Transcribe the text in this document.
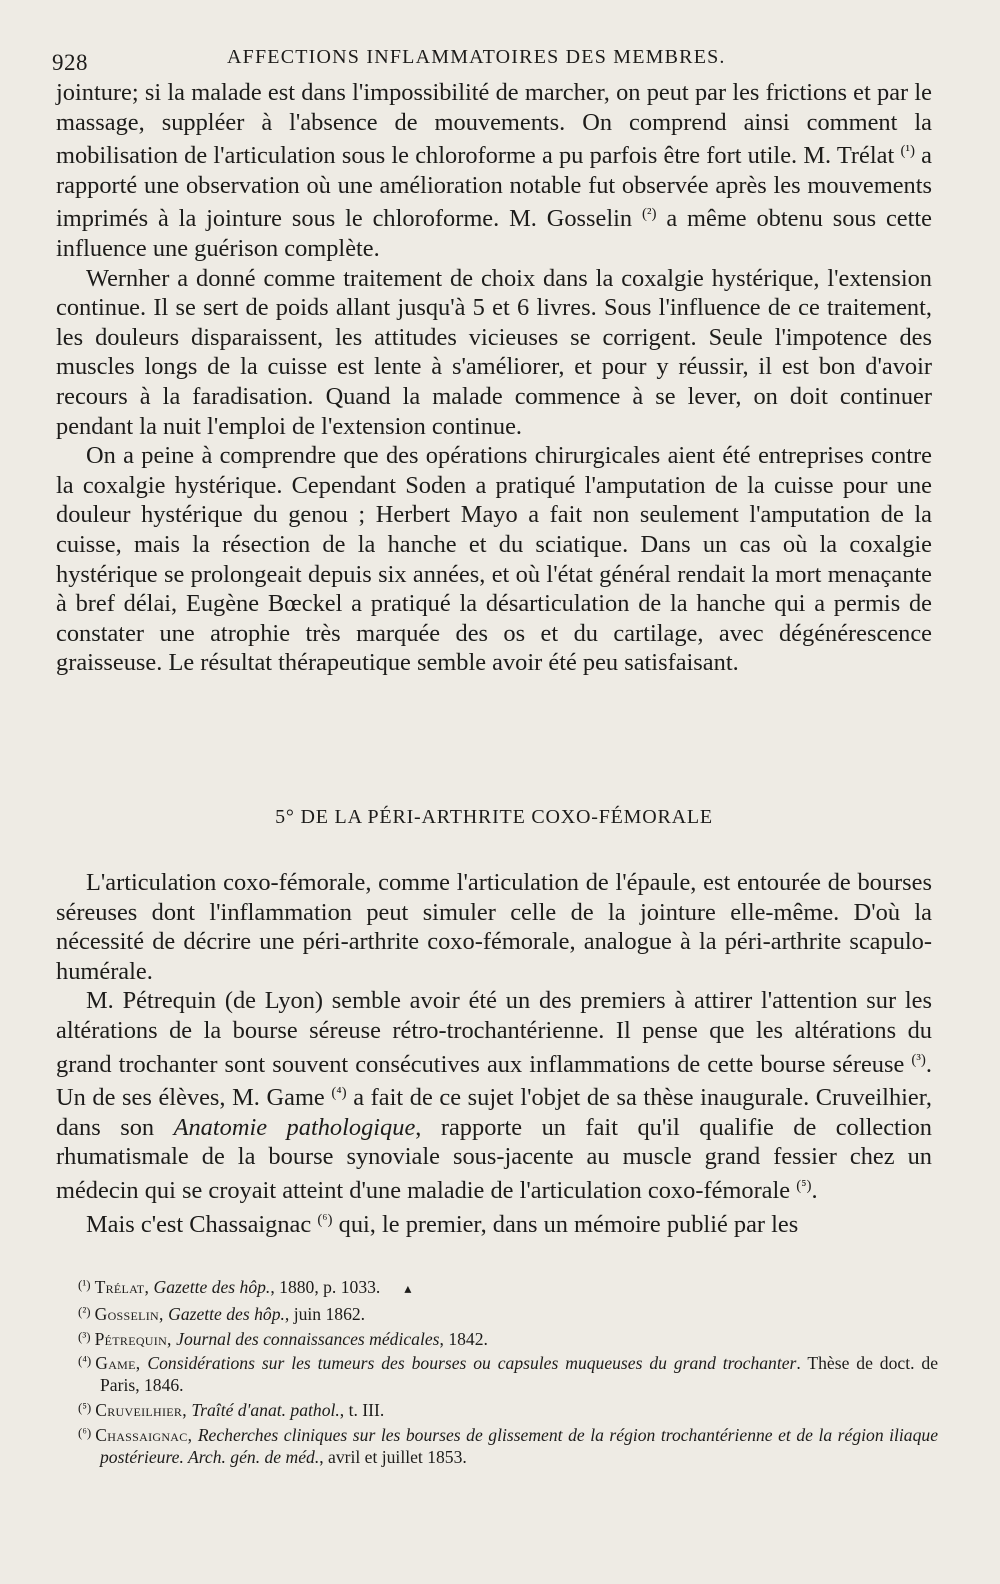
928	AFFECTIONS INFLAMMATOIRES DES MEMBRES.

jointure; si la malade est dans l'impossibilité de marcher, on peut par les frictions et par le massage, suppléer à l'absence de mouvements. On comprend ainsi comment la mobilisation de l'articulation sous le chloroforme a pu parfois être fort utile. M. Trélat $^{(^1)}$ a rapporté une observation où une amélioration notable fut observée après les mouvements imprimés à la jointure sous le chloroforme. M. Gosselin $^{(^2)}$ a même obtenu sous cette influence une guérison complète.

Wernher a donné comme traitement de choix dans la coxalgie hystérique, l'extension continue. Il se sert de poids allant jusqu'à 5 et 6 livres. Sous l'influence de ce traitement, les douleurs disparaissent, les attitudes vicieuses se corrigent. Seule l'impotence des muscles longs de la cuisse est lente à s'améliorer, et pour y réussir, il est bon d'avoir recours à la faradisation. Quand la malade commence à se lever, on doit continuer pendant la nuit l'emploi de l'extension continue.

On a peine à comprendre que des opérations chirurgicales aient été entreprises contre la coxalgie hystérique. Cependant Soden a pratiqué l'amputation de la cuisse pour une douleur hystérique du genou ; Herbert Mayo a fait non seulement l'amputation de la cuisse, mais la résection de la hanche et du sciatique. Dans un cas où la coxalgie hystérique se prolongeait depuis six années, et où l'état général rendait la mort menaçante à bref délai, Eugène Bœckel a pratiqué la désarticulation de la hanche qui a permis de constater une atrophie très marquée des os et du cartilage, avec dégénérescence graisseuse. Le résultat thérapeutique semble avoir été peu satisfaisant.

5° DE LA PÉRI-ARTHRITE COXO-FÉMORALE

L'articulation coxo-fémorale, comme l'articulation de l'épaule, est entourée de bourses séreuses dont l'inflammation peut simuler celle de la jointure elle-même. D'où la nécessité de décrire une péri-arthrite coxo-fémorale, analogue à la péri-arthrite scapulo-humérale.

M. Pétrequin (de Lyon) semble avoir été un des premiers à attirer l'attention sur les altérations de la bourse séreuse rétro-trochantérienne. Il pense que les altérations du grand trochanter sont souvent consécutives aux inflammations de cette bourse séreuse $^{(^3)}$. Un de ses élèves, M. Game $^{(^4)}$ a fait de ce sujet l'objet de sa thèse inaugurale. Cruveilhier, dans son Anatomie pathologique, rapporte un fait qu'il qualifie de collection rhumatismale de la bourse synoviale sous-jacente au muscle grand fessier chez un médecin qui se croyait atteint d'une maladie de l'articulation coxo-fémorale $^{(^5)}$.

Mais c'est Chassaignac $^{(^6)}$ qui, le premier, dans un mémoire publié par les

$^{(^1)}$ Trélat, Gazette des hôp., 1880, p. 1033. ▴

$^{(^2)}$ Gosselin, Gazette des hôp., juin 1862.

$^{(^3)}$ Pétrequin, Journal des connaissances médicales, 1842.

$^{(^4)}$ Game, Considérations sur les tumeurs des bourses ou capsules muqueuses du grand trochanter. Thèse de doct. de Paris, 1846.

$^{(^5)}$ Cruveilhier, Traîté d'anat. pathol., t. III.

$^{(^6)}$ Chassaignac, Recherches cliniques sur les bourses de glissement de la région trochantérienne et de la région iliaque postérieure. Arch. gén. de méd., avril et juillet 1853.
